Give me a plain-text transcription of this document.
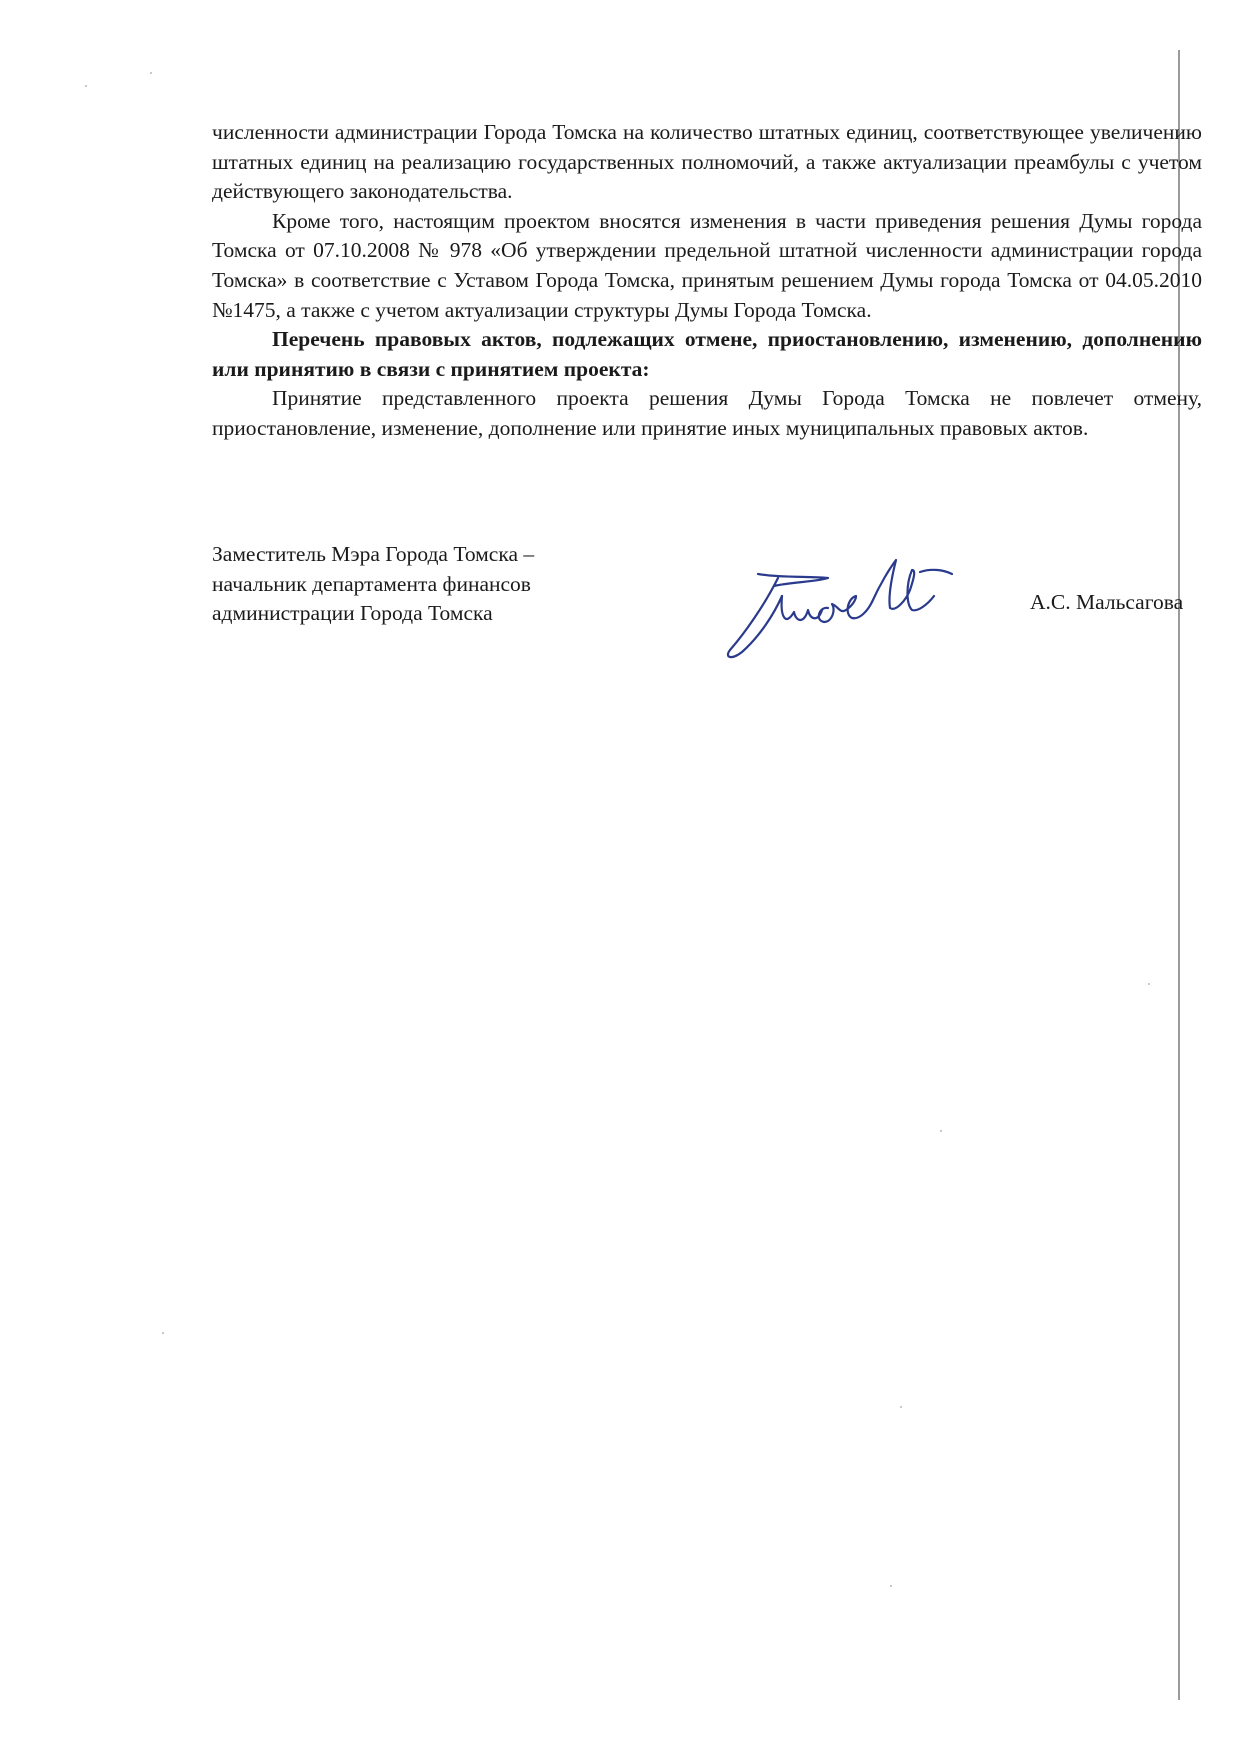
численности администрации Города Томска на количество штатных единиц, соответствующее увеличению штатных единиц на реализацию государственных полномочий, а также актуализации преамбулы с учетом действующего законодательства.

Кроме того, настоящим проектом вносятся изменения в части приведения решения Думы города Томска от 07.10.2008 № 978 «Об утверждении предельной штатной численности администрации города Томска» в соответствие с Уставом Города Томска, принятым решением Думы города Томска от 04.05.2010 №1475, а также с учетом актуализации структуры Думы Города Томска.

Перечень правовых актов, подлежащих отмене, приостановлению, изменению, дополнению или принятию в связи с принятием проекта:

Принятие представленного проекта решения Думы Города Томска не повлечет отмену, приостановление, изменение, дополнение или принятие иных муниципальных правовых актов.

Заместитель Мэра Города Томска –
начальник департамента финансов
администрации Города Томска	А.С. Мальсагова
